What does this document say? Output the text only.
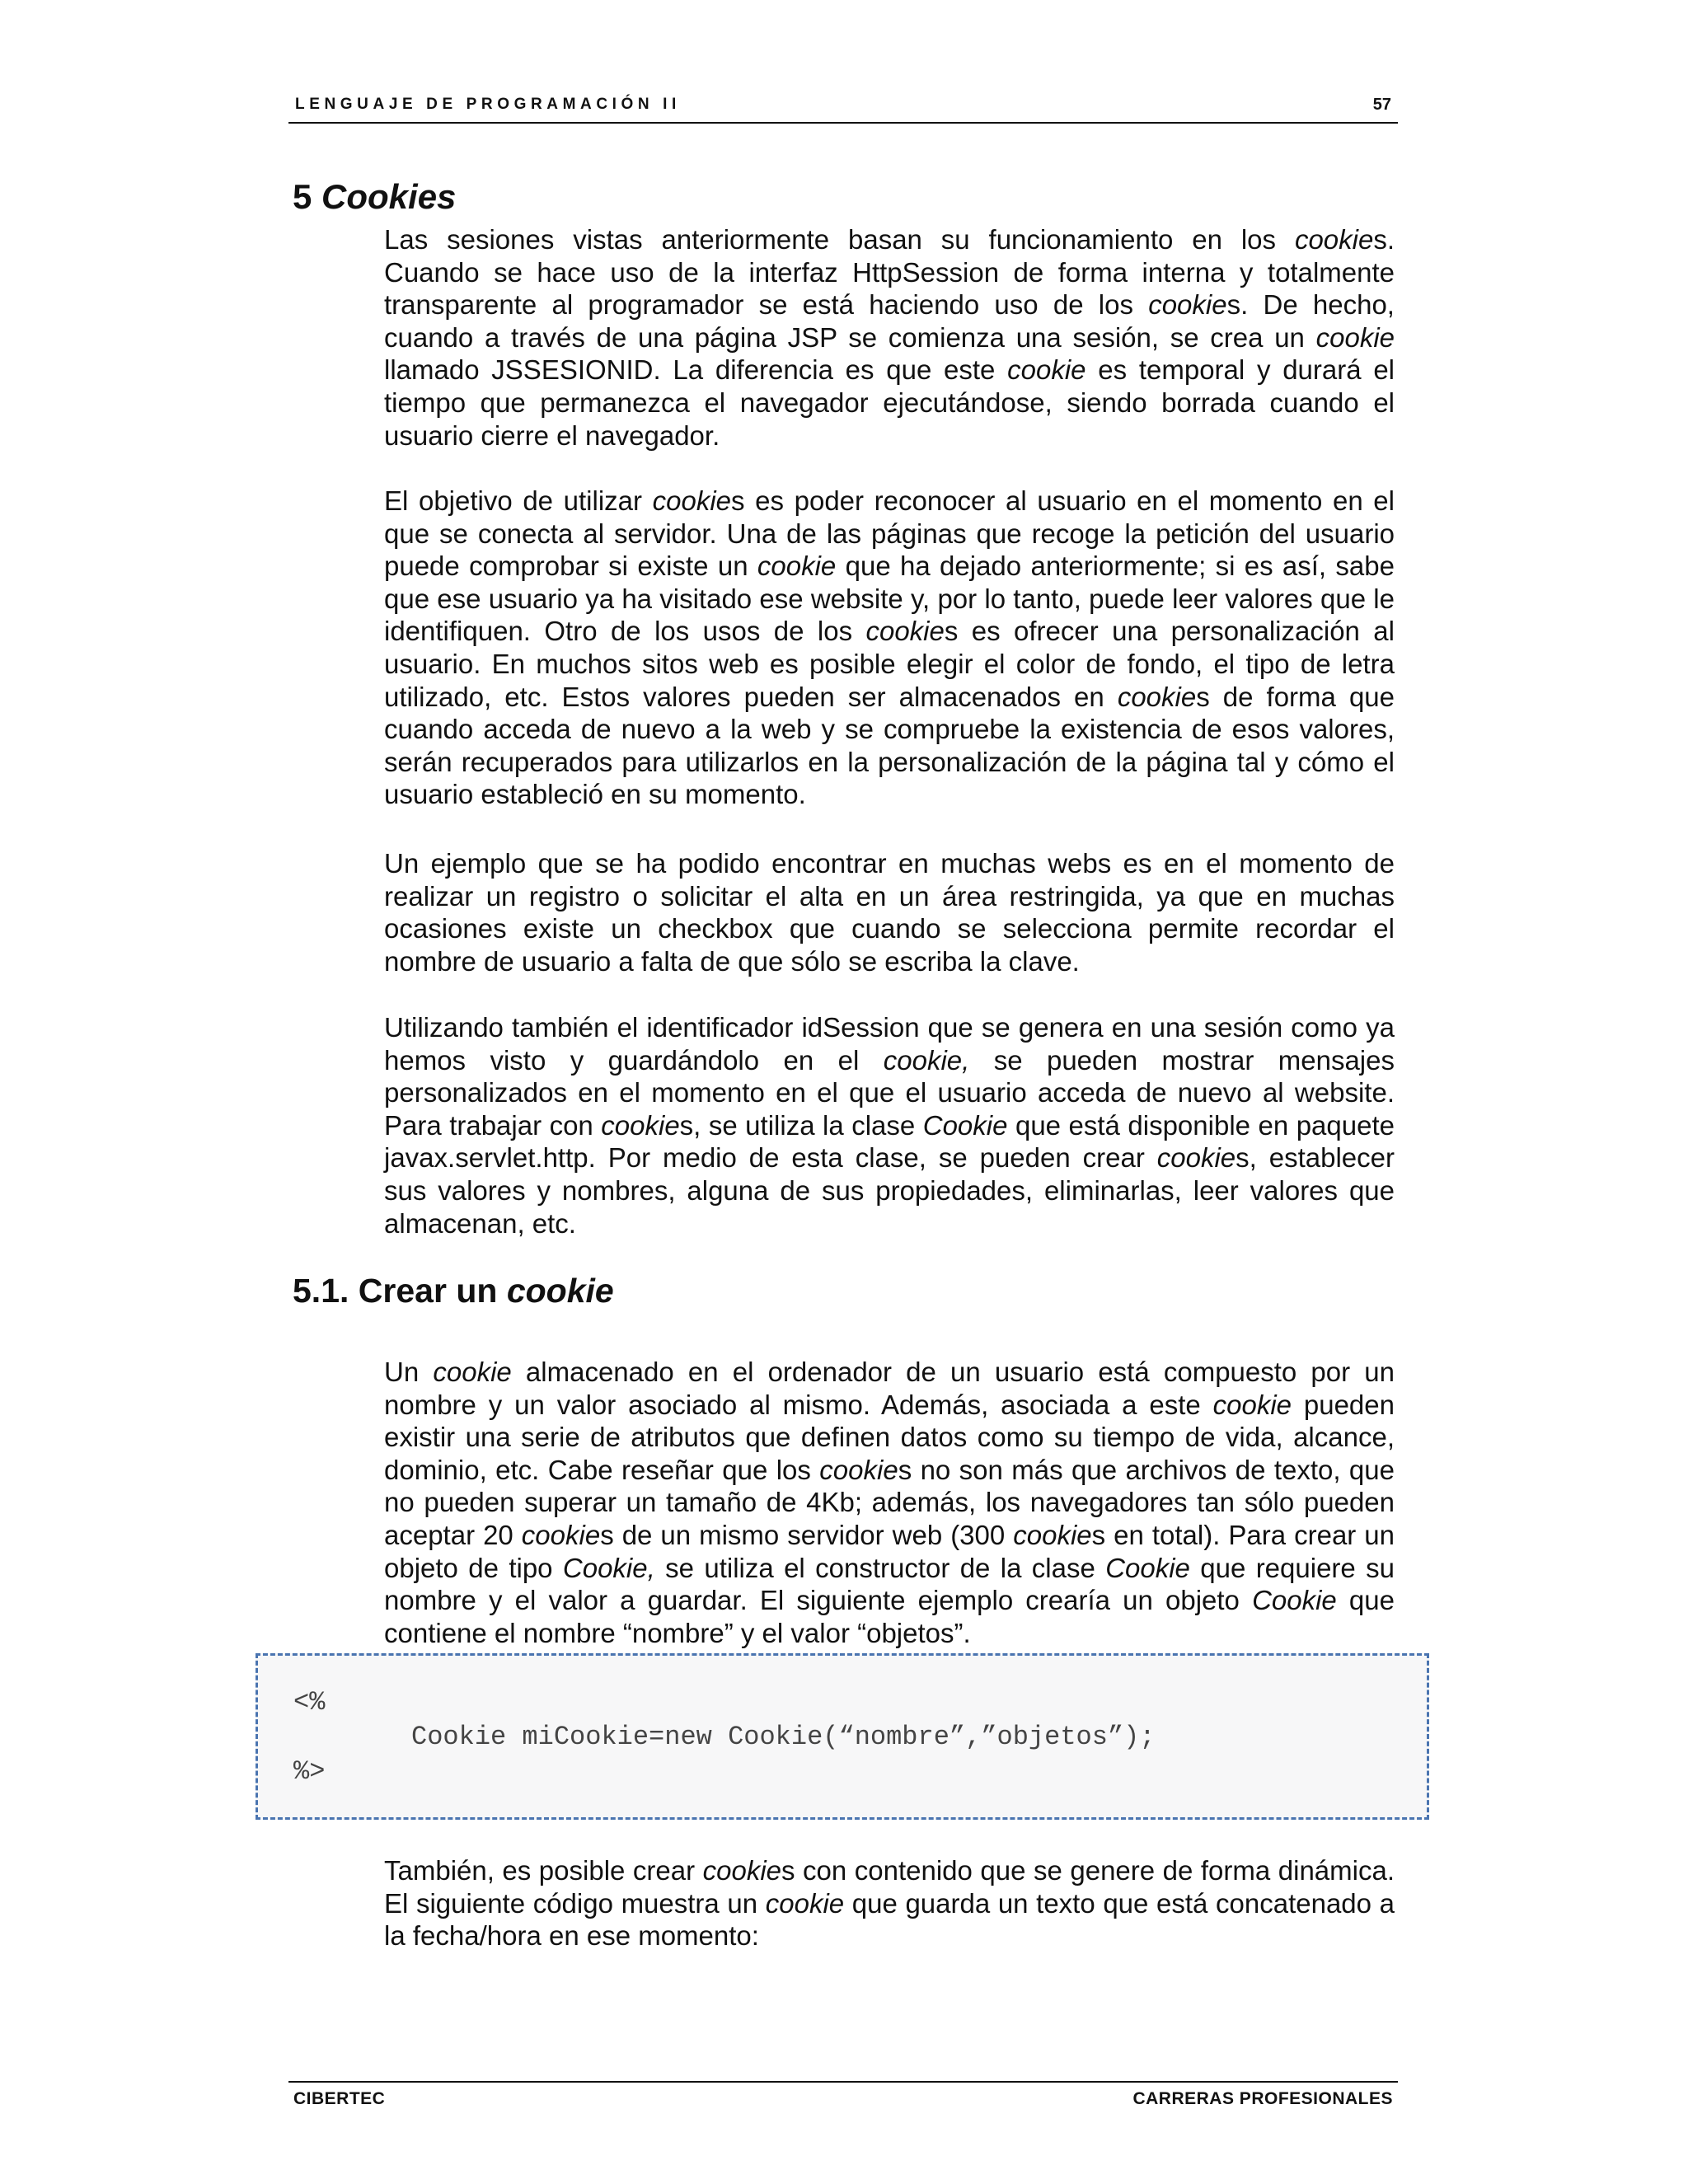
LENGUAJE DE PROGRAMACIÓN II	57
5 Cookies

Las sesiones vistas anteriormente basan su funcionamiento en los cookies. Cuando se hace uso de la interfaz HttpSession de forma interna y totalmente transparente al programador se está haciendo uso de los cookies. De hecho, cuando a través de una página JSP se comienza una sesión, se crea un cookie llamado JSSESIONID. La diferencia es que este cookie es temporal y durará el tiempo que permanezca el navegador ejecutándose, siendo borrada cuando el usuario cierre el navegador.

El objetivo de utilizar cookies es poder reconocer al usuario en el momento en el que se conecta al servidor. Una de las páginas que recoge la petición del usuario puede comprobar si existe un cookie que ha dejado anteriormente; si es así, sabe que ese usuario ya ha visitado ese website y, por lo tanto, puede leer valores que le identifiquen. Otro de los usos de los cookies es ofrecer una personalización al usuario. En muchos sitos web es posible elegir el color de fondo, el tipo de letra utilizado, etc. Estos valores pueden ser almacenados en cookies de forma que cuando acceda de nuevo a la web y se compruebe la existencia de esos valores, serán recuperados para utilizarlos en la personalización de la página tal y cómo el usuario estableció en su momento.

Un ejemplo que se ha podido encontrar en muchas webs es en el momento de realizar un registro o solicitar el alta en un área restringida, ya que en muchas ocasiones existe un checkbox que cuando se selecciona permite recordar el nombre de usuario a falta de que sólo se escriba la clave.

Utilizando también el identificador idSession que se genera en una sesión como ya hemos visto y guardándolo en el cookie, se pueden mostrar mensajes personalizados en el momento en el que el usuario acceda de nuevo al website. Para trabajar con cookies, se utiliza la clase Cookie que está disponible en paquete javax.servlet.http. Por medio de esta clase, se pueden crear cookies, establecer sus valores y nombres, alguna de sus propiedades, eliminarlas, leer valores que almacenan, etc.

5.1. Crear un cookie

Un cookie almacenado en el ordenador de un usuario está compuesto por un nombre y un valor asociado al mismo. Además, asociada a este cookie pueden existir una serie de atributos que definen datos como su tiempo de vida, alcance, dominio, etc. Cabe reseñar que los cookies no son más que archivos de texto, que no pueden superar un tamaño de 4Kb; además, los navegadores tan sólo pueden aceptar 20 cookies de un mismo servidor web (300 cookies en total). Para crear un objeto de tipo Cookie, se utiliza el constructor de la clase Cookie que requiere su nombre y el valor a guardar. El siguiente ejemplo crearía un objeto Cookie que contiene el nombre “nombre” y el valor “objetos”.

<%
Cookie miCookie=new Cookie(“nombre”,”objetos”);
%>

También, es posible crear cookies con contenido que se genere de forma dinámica. El siguiente código muestra un cookie que guarda un texto que está concatenado a la fecha/hora en ese momento:

CIBERTEC	CARRERAS PROFESIONALES
